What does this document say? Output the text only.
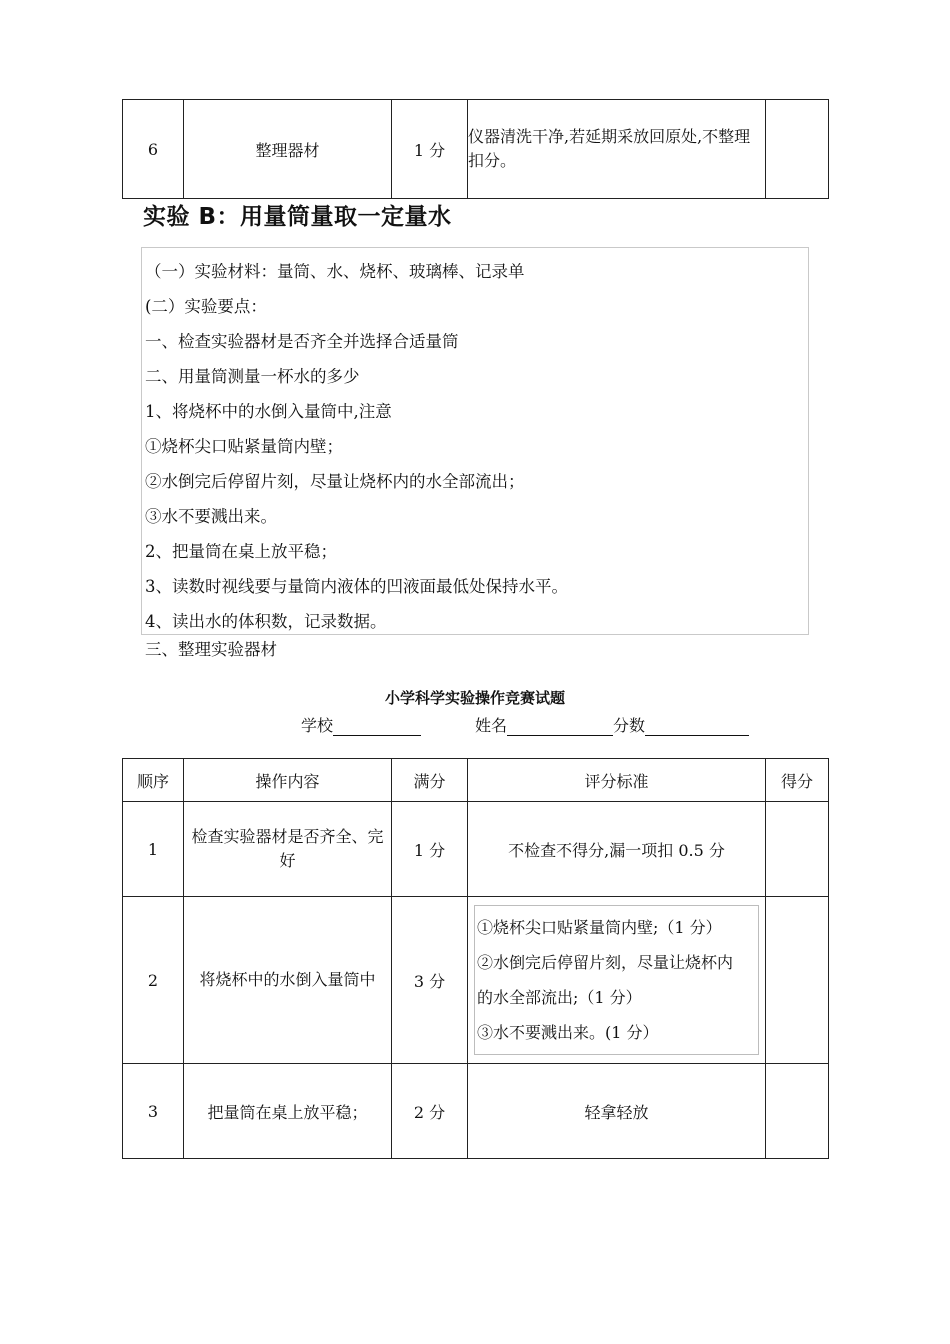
6	整理器材	1 分	仪器清洗干净,若延期采放回原处,不整理扣分。	
实验 B：用量筒量取一定量水
（一）实验材料：量筒、水、烧杯、玻璃棒、记录单
(二）实验要点：
一、检查实验器材是否齐全并选择合适量筒
二、用量筒测量一杯水的多少
1、将烧杯中的水倒入量筒中,注意
①烧杯尖口贴紧量筒内壁；
②水倒完后停留片刻，尽量让烧杯内的水全部流出；
③水不要溅出来。
2、把量筒在桌上放平稳；
3、读数时视线要与量筒内液体的凹液面最低处保持水平。
4、读出水的体积数，记录数据。
三、整理实验器材
小学科学实验操作竞赛试题
学校	姓名	分数
顺序	操作内容	满分	评分标准	得分
1	检查实验器材是否齐全、完好	1 分	不检查不得分,漏一项扣 0.5 分	
2	将烧杯中的水倒入量筒中	3 分	①烧杯尖口贴紧量筒内壁;（1 分）
②水倒完后停留片刻，尽量让烧杯内
的水全部流出;（1 分）
③水不要溅出来。(1 分）	

3	把量筒在桌上放平稳；	2 分	轻拿轻放	
